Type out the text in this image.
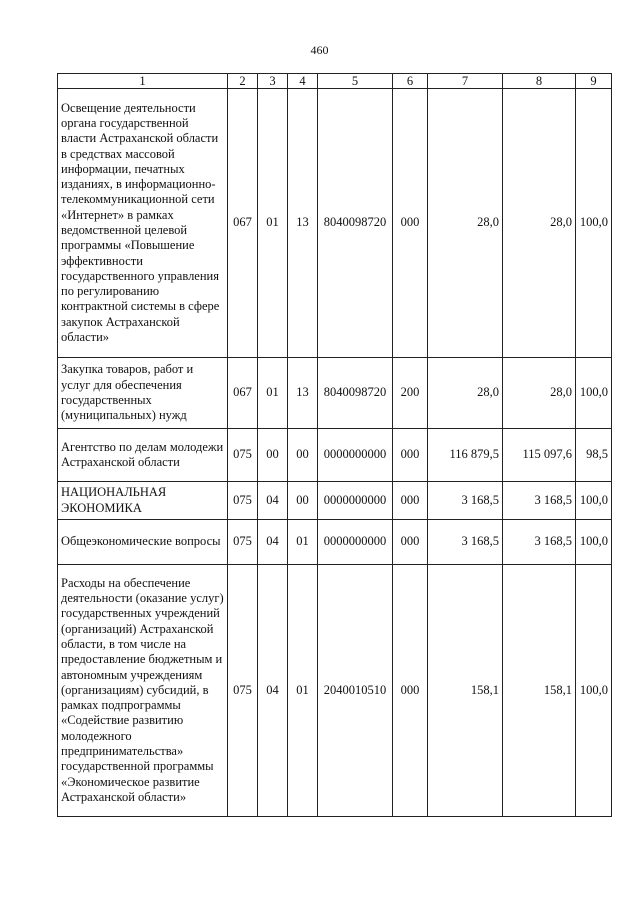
460
1	2	3	4	5	6	7	8	9
Освещение деятельности органа государственной власти Астраханской области в средствах массовой информации, печатных изданиях, в информационно-телекоммуникационной сети «Интернет» в рамках ведомственной целевой программы «Повышение эффективности государственного управления по регулированию контрактной системы в сфере закупок Астраханской области»	067	01	13	8040098720	000	28,0	28,0	100,0
Закупка товаров, работ и услуг для обеспечения государственных (муниципальных) нужд	067	01	13	8040098720	200	28,0	28,0	100,0
Агентство по делам молодежи Астраханской области	075	00	00	0000000000	000	116 879,5	115 097,6	98,5
НАЦИОНАЛЬНАЯ ЭКОНОМИКА	075	04	00	0000000000	000	3 168,5	3 168,5	100,0
Общеэкономические вопросы	075	04	01	0000000000	000	3 168,5	3 168,5	100,0
Расходы на обеспечение деятельности (оказание услуг) государственных учреждений (организаций) Астраханской области, в том числе на предоставление бюджетным и автономным учреждениям (организациям) субсидий, в рамках подпрограммы «Содействие развитию молодежного предпринимательства» государственной программы «Экономическое развитие Астраханской области»	075	04	01	2040010510	000	158,1	158,1	100,0
